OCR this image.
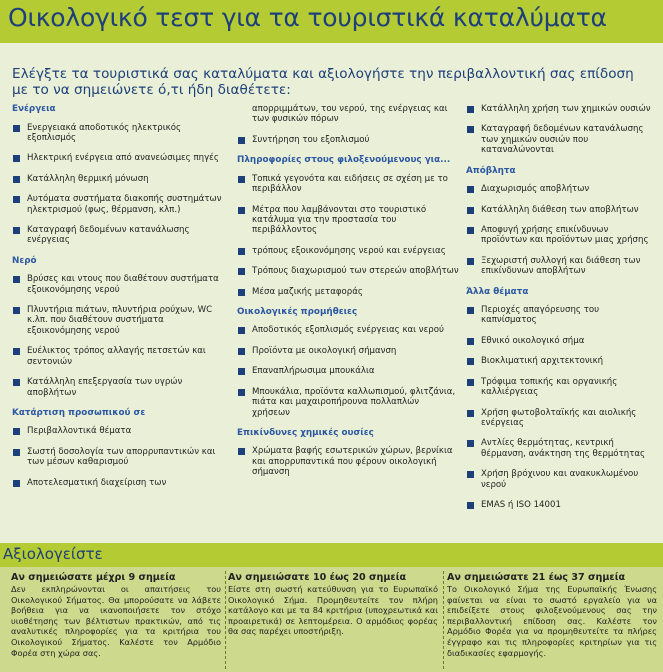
Οικολογικό τεστ για τα τουριστικά καταλύματα
Ελέγξτε τα τουριστικά σας καταλύματα και αξιολογήστε την περιβαλλοντική σας επίδοση με το να σημειώνετε ό,τι ήδη διαθέτετε:
Ενέργεια
Ενεργειακά αποδοτικός ηλεκτρικός εξοπλισμός
Ηλεκτρική ενέργεια από ανανεώσιμες πηγές
Κατάλληλη θερμική μόνωση
Αυτόματα συστήματα διακοπής συστημάτων ηλεκτρισμού (φως, θέρμανση, κλπ.)
Καταγραφή δεδομένων κατανάλωσης ενέργειας
Νερό
Βρύσες και ντους που διαθέτουν συστήματα εξοικονόμησης νερού
Πλυντήρια πιάτων, πλυντήρια ρούχων, WC κ.λπ. που διαθέτουν συστήματα εξοικονόμησης νερού
Ευέλικτος τρόπος αλλαγής πετσετών και σεντονιών
Κατάλληλη επεξεργασία των υγρών αποβλήτων
Κατάρτιση προσωπικού σε
Περιβαλλοντικά θέματα
Σωστή δοσολογία των απορρυπαντικών και των μέσων καθαρισμού
Αποτελεσματική διαχείριση των
απορριμμάτων, του νερού, της ενέργειας και των φυσικών πόρων
Συντήρηση του εξοπλισμού
Πληροφορίες στους φιλοξενούμενους για...
Τοπικά γεγονότα και ειδήσεις σε σχέση με το περιβάλλον
Μέτρα που λαμβάνονται στο τουριστικό κατάλυμα για την προστασία του περιβάλλοντος
τρόπους εξοικονόμησης νερού και ενέργειας
Τρόπους διαχωρισμού των στερεών αποβλήτων
Μέσα μαζικής μεταφοράς
Οικολογικές προμήθειες
Αποδοτικός εξοπλισμός ενέργειας και νερού
Προϊόντα με οικολογική σήμανση
Επαναπλήρωσιμα μπουκάλια
Μπουκάλια, προϊόντα καλλωπισμού, φλιτζάνια, πιάτα και μαχαιροπήρουνα πολλαπλών χρήσεων
Επικίνδυνες χημικές ουσίες
Χρώματα βαφής εσωτερικών χώρων, βερνίκια και απορρυπαντικά που φέρουν οικολογική σήμανση
Κατάλληλη χρήση των χημικών ουσιών
Καταγραφή δεδομένων κατανάλωσης των χημικών ουσιών που καταναλώνονται
Απόβλητα
Διαχωρισμός αποβλήτων
Κατάλληλη διάθεση των αποβλήτων
Αποφυγή χρήσης επικίνδυνων προϊόντων και προϊόντων μιας χρήσης
Ξεχωριστή συλλογή και διάθεση των επικίνδυνων αποβλήτων
Άλλα θέματα
Περιοχές απαγόρευσης του καπνίσματος
Εθνικό οικολογικό σήμα
Βιοκλιματική αρχιτεκτονική
Τρόφιμα τοπικής και οργανικής καλλιέργειας
Χρήση φωτοβολταϊκής και αιολικής ενέργειας
Αντλίες θερμότητας, κεντρική θέρμανση, ανάκτηση της θερμότητας
Χρήση βρόχινου και ανακυκλωμένου νερού
EMAS ή ISO 14001
Αξιολογείστε
Αν σημειώσατε μέχρι 9 σημεία
Δεν εκπληρώνονται οι απαιτήσεις του Οικολογικού Σήματος. Θα μπορούσατε να λάβετε βοήθεια για να ικανοποιήσετε τον στόχο υιοθέτησης των βέλτιστων πρακτικών, από τις αναλυτικές πληροφορίες για τα κριτήρια του Οικολογικού Σήματος. Καλέστε τον Αρμόδιο Φορέα στη χώρα σας.
Αν σημειώσατε 10 έως 20 σημεία
Είστε στη σωστή κατεύθυνση για το Ευρωπαϊκό Οικολογικό Σήμα. Προμηθευτείτε τον πλήρη κατάλογο και με τα 84 κριτήρια (υποχρεωτικά και προαιρετικά) σε λεπτομέρεια. Ο αρμόδιος φορέας θα σας παρέχει υποστήριξη.
Αν σημειώσατε 21 έως 37 σημεία
Το Οικολογικό Σήμα της Ευρωπαϊκής Ένωσης φαίνεται να είναι το σωστό εργαλείο για να επιδείξετε στους φιλοξενούμενους σας την περιβαλλοντική επίδοση σας. Καλέστε τον Αρμόδιο Φορέα για να προμηθευτείτε τα πλήρες έγγραφο και τις πληροφορίες κριτηρίων για τις διαδικασίες εφαρμογής.
